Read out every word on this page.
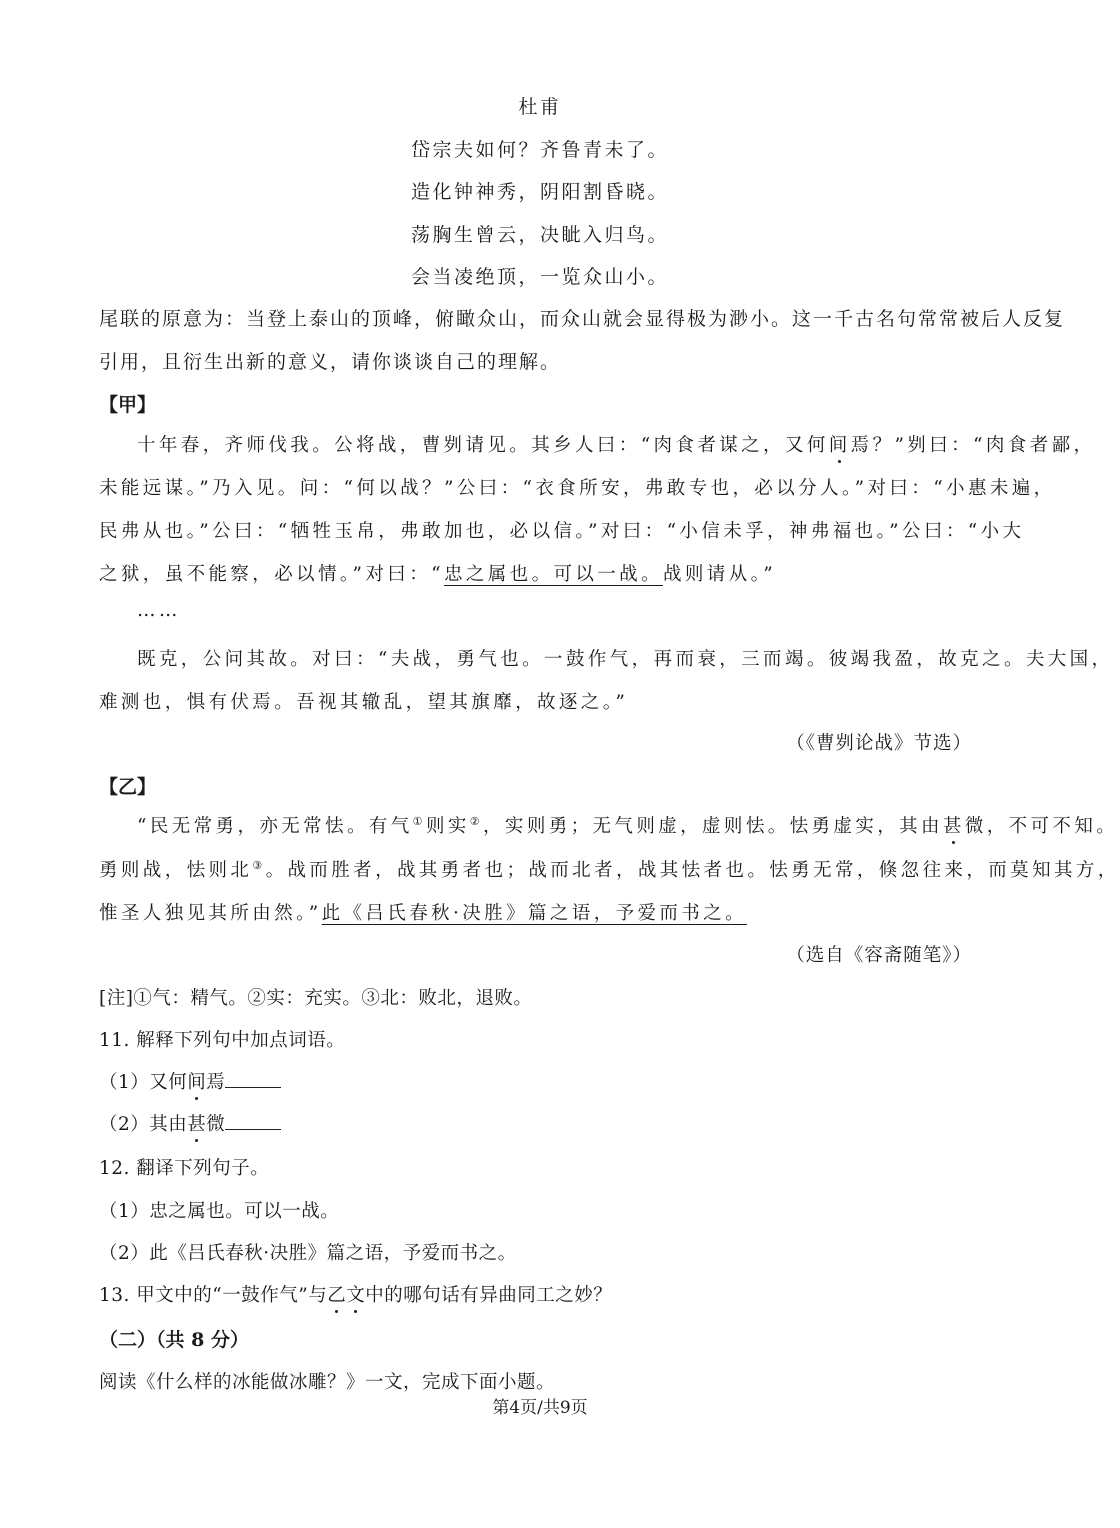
杜甫
岱宗夫如何？齐鲁青未了。
造化钟神秀，阴阳割昏晓。
荡胸生曾云，决眦入归鸟。
会当凌绝顶，一览众山小。
尾联的原意为：当登上泰山的顶峰，俯瞰众山，而众山就会显得极为渺小。这一千古名句常常被后人反复
引用，且衍生出新的意义，请你谈谈自己的理解。
【甲】
十年春，齐师伐我。公将战，曹刿请见。其乡人曰：“肉食者谋之，又何间焉？”刿曰：“肉食者鄙，
未能远谋。”乃入见。问：“何以战？”公曰：“衣食所安，弗敢专也，必以分人。”对曰：“小惠未遍，
民弗从也。”公曰：“牺牲玉帛，弗敢加也，必以信。”对曰：“小信未孚，神弗福也。”公曰：“小大
之狱，虽不能察，必以情。”对曰：“忠之属也。可以一战。战则请从。”
……
既克，公问其故。对曰：“夫战，勇气也。一鼓作气，再而衰，三而竭。彼竭我盈，故克之。夫大国，
难测也，惧有伏焉。吾视其辙乱，望其旗靡，故逐之。”
（《曹刿论战》节选）
【乙】
“民无常勇，亦无常怯。有气①则实②，实则勇；无气则虚，虚则怯。怯勇虚实，其由甚微，不可不知。
勇则战，怯则北③。战而胜者，战其勇者也；战而北者，战其怯者也。怯勇无常，倏忽往来，而莫知其方，
惟圣人独见其所由然。”此《吕氏春秋·决胜》篇之语，予爱而书之。
（选自《容斋随笔》）
[注]①气：精气。②实：充实。③北：败北，退败。
11. 解释下列句中加点词语。
（1）又何间焉
（2）其由甚微
12. 翻译下列句子。
（1）忠之属也。可以一战。
（2）此《吕氏春秋·决胜》篇之语，予爱而书之。
13. 甲文中的“一鼓作气”与乙文中的哪句话有异曲同工之妙？
（二）（共 8 分）
阅读《什么样的冰能做冰雕？》一文，完成下面小题。
第4页/共9页
